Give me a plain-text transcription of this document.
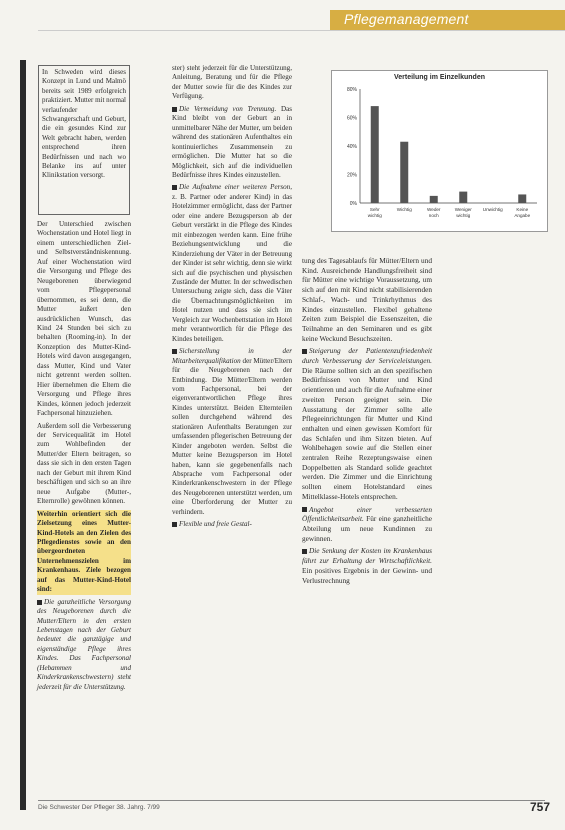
Pflegemanagement
In Schweden wird dieses Konzept in Lund und Malmö bereits seit 1989 erfolgreich praktiziert. Mutter mit normal verlaufender Schwangerschaft und Geburt, die ein gesundes Kind zur Welt gebracht haben, werden entsprechend ihren Bedürfnissen und nach wo Belanke ins auf unter Klinikstation versorgt.

Der Unterschied zwischen Wochenstation und Hotel liegt in einem unterschiedlichen Ziel- und Selbstverständniskennung. Auf einer Wochenstation wird die Versorgung und Pflege des Neugeborenen überwiegend vom Pflegepersonal übernommen, es sei denn, die Mutter äußert den ausdrücklichen Wunsch, das Kind 24 Stunden bei sich zu behalten (Rooming-in). In der Konzeption des Mutter-Kind-Hotels wird davon ausgegangen, dass Mutter, Kind und Vater nicht getrennt werden sollten. Hier übernehmen die Eltern die Versorgung und Pflege ihres Kindes, können jedoch jederzeit Fachpersonal hinzuziehen.

Außerdem soll die Verbesserung der Servicequalität im Hotel zum Wohlbefinden der Mutter/der Eltern beitragen, so dass sie sich in den ersten Tagen nach der Geburt mit ihrem Kind beschäftigen und sich so an ihre neue Aufgabe (Mutter-, Elternrolle) gewöhnen können.

Weiterhin orientiert sich die Zielsetzung eines Mutter-Kind-Hotels an den Zielen des Pflegedienstes sowie an den übergeordneten Unternehmenszielen im Krankenhaus. Ziele bezogen auf das Mutter-Kind-Hotel sind:

Die ganzheitliche Versorgung des Neugeborenen durch die Mutter/Eltern in den ersten Lebenstagen nach der Geburt bedeutet die ganztägige und eigenständige Pflege ihres Kindes. Das Fachpersonal (Hebammen und Kinderkrankenschwestern) steht jederzeit für die Unterstützung.

ster) steht jederzeit für die Unterstützung, Anleitung, Beratung und für die Pflege der Mutter sowie für die des Kindes zur Verfügung.

Die Vermeidung von Trennung. Das Kind bleibt von der Geburt an in unmittelbarer Nähe der Mutter, um beiden während des stationären Aufenthaltes ein kontinuierliches Zusammensein zu ermöglichen. Die Mutter hat so die Möglichkeit, sich auf die individuellen Bedürfnisse ihres Kindes einzustellen.

Die Aufnahme einer weiteren Person, z. B. Partner oder anderer Kind) in das Hotelzimmer ermöglicht, dass der Partner oder eine andere Bezugsperson ab der Geburt verstärkt in die Pflege des Kindes mit einbezogen werden kann. Eine frühe Beziehungsentwicklung und die Kinderziehung der Väter in der Betreuung der Kinder ist sehr wichtig, denn sie wirkt sich auf die psychischen und physischen Zustände der Mutter. In der schwedischen Untersuchung zeigte sich, dass die Väter die Übernachtungsmöglichkeiten im Hotel nutzen und dass sie sich im Vergleich zur Wochenbettstation im Hotel mehr verantwortlich für die Pflege des Kindes beteiligen.

Sicherstellung in der Mitarbeiterqualifikation der Mütter/Eltern für die Neugeborenen nach der Entbindung. Die Mütter/Eltern werden vom Fachpersonal, bei der eigenverantwortlichen Pflege ihres Kindes unterstützt. Beiden Elternteilen sollen durchgehend während des stationären Aufenthalts Beratungen zur umfassenden pflegerischen Betreuung der Kinder angeboten werden. Selbst die Mutter keine Bezugsperson im Hotel haben, kann sie gegebenenfalls nach Absprache vom Fachpersonal oder Kinderkrankenschwestern in der Pflege des Neugeborenen unterstützt werden, um eine Überforderung der Mutter zu verhindern.

Flexible und freie Gestal-

Verteilung im Einzelkunden
80%
60%
40%
20%
0%
Sehr
wichtig
Wichtig	Weder
noch
Weniger
wichtig
Unwichtig	Keine
Angabe

tung des Tagesablaufs für Mütter/Eltern und Kind. Ausreichende Handlungsfreiheit sind für Mütter eine wichtige Voraussetzung, um sich auf den mit Kind nicht stabilisierenden Schlaf-, Wach- und Trinkrhythmus des Kindes einzustellen. Flexibel gehaltene Zeiten zum Beispiel die Essenszeiten, die Teilnahme an den Seminaren und es gibt keine Weckund Besuchszeiten.

Steigerung der Patientenzufriedenheit durch Verbesserung der Serviceleistungen. Die Räume sollten sich an den spezifischen Bedürfnissen von Mutter und Kind orientieren und auch für die Aufnahme einer zweiten Person geeignet sein. Die Ausstattung der Zimmer sollte alle Pflegeeinrichtungen für Mutter und Kind enthalten und einen gewissen Komfort für das Schlafen und ihm Sitzen bieten. Auf Wohlbehagen sowie auf die Stellen einer zentralen Reihe Rezeptungswaise einen Doppelbetten als Standard solide geachtet werden. Die Zimmer und die Einrichtung sollten einem Hotelstandard eines Mittelklasse-Hotels entsprechen.

Angebot einer verbesserten Öffentlichkeitsarbeit. Für eine ganzheitliche Abteilung um neue Kundinnen zu gewinnen.

Die Senkung der Kosten im Krankenhaus führt zur Erhaltung der Wirtschaftlichkeit. Ein positives Ergebnis in der Gewinn- und Verlustrechnung

Die Schwester Der Pfleger 38. Jahrg. 7/99	757
